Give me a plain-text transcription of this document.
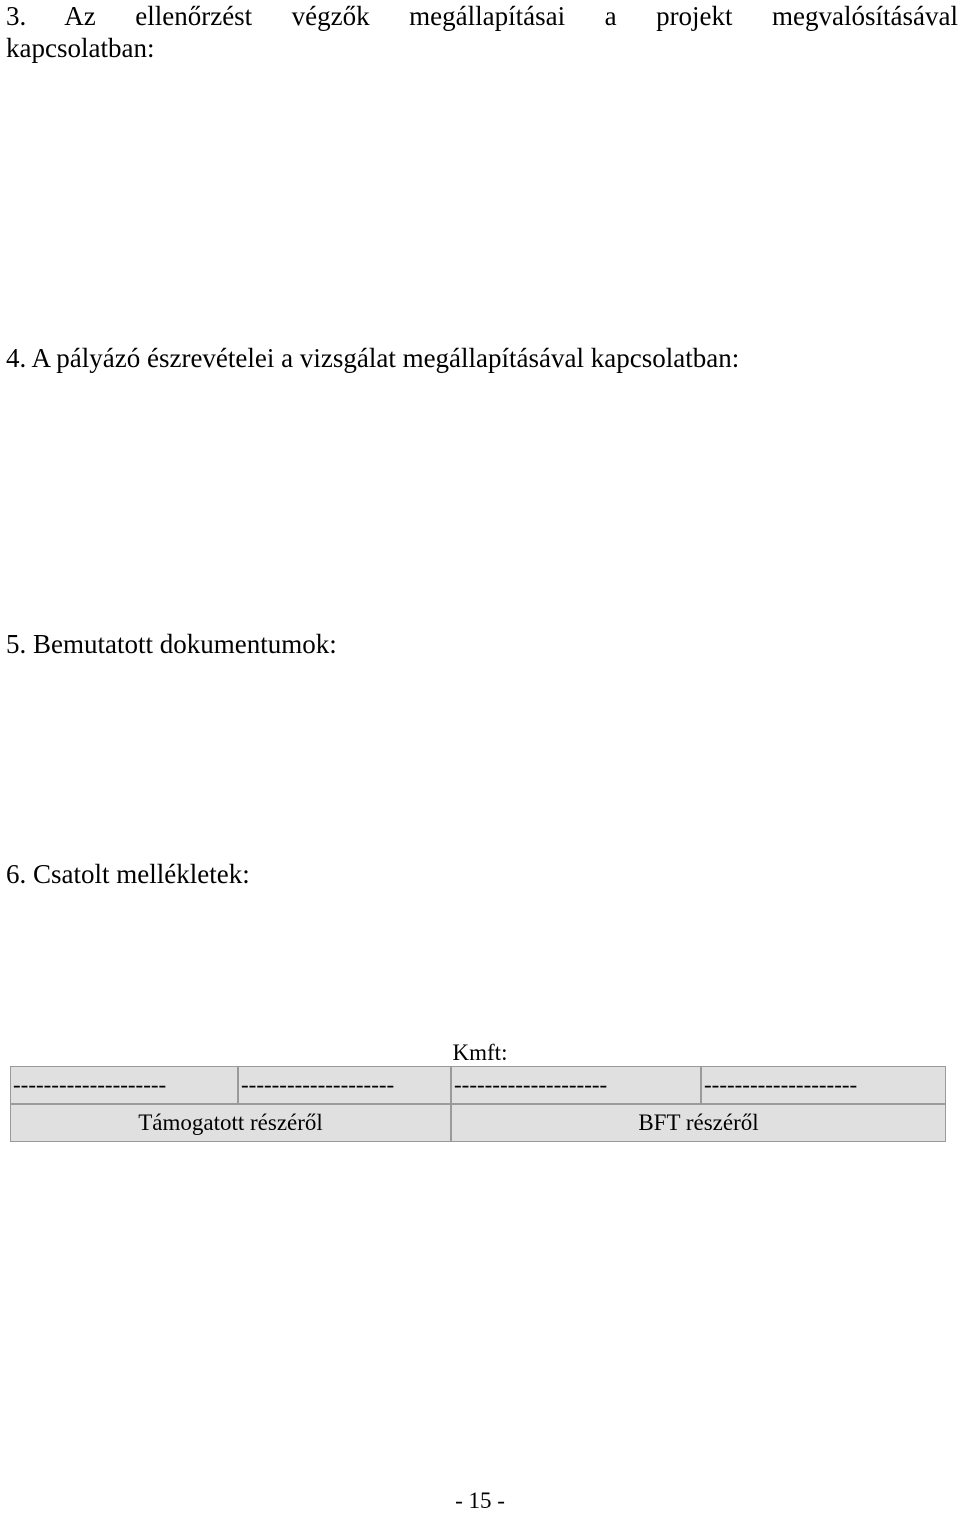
3. Az ellenőrzést végzők megállapításai a projekt megvalósításával
kapcsolatban:
4. A pályázó észrevételei a vizsgálat megállapításával kapcsolatban:
5. Bemutatott dokumentumok:
6. Csatolt mellékletek:
Kmft:
--------------------	--------------------	--------------------	--------------------
Támogatott részéről	BFT részéről
- 15 -
